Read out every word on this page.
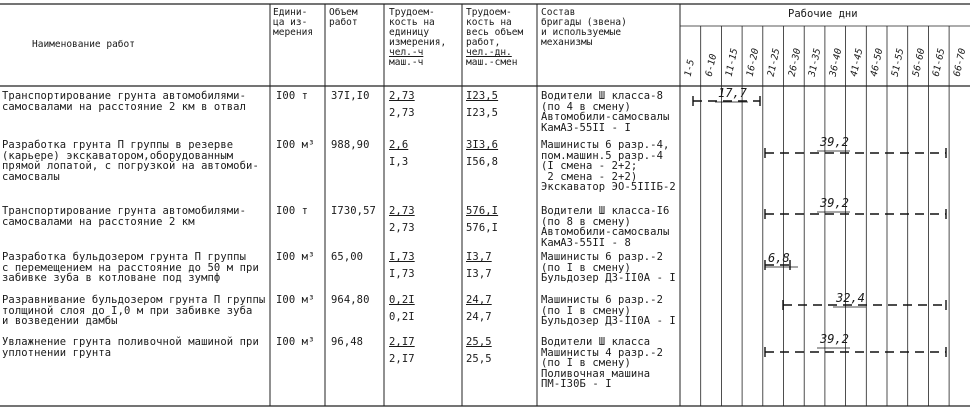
Наименование работ
Едини-
ца из-
мерения
Объем
работ
Трудоем-
кость на
единицу
измерения,
чел.-ч
маш.-ч
Трудоем-
кость на
весь объем
работ,
чел.-дн.
маш.-смен
Состав
бригады (звена)
и используемые
механизмы
Рабочие дни
1-5 6-10 11-15 16-20 21-25 26-30 31-35 36-40 41-45 46-50 51-55 56-60 61-65 66-70
Транспортирование грунта автомобилями-
самосвалами на расстояние 2 км в отвал
I00 т 37I,I0 2,73
2,73
I23,5
I23,5
Водители Ш класса-8
(по 4 в смену)
Автомобили-самосвалы
КамАЗ-55II - I
17,7
Разработка грунта П группы в резерве
(карьере) экскаватором,оборудованным
прямой лопатой, с погрузкой на автомоби-
самосвалы
I00 м³ 988,90 2,6
I,3
3I3,6
I56,8
Машинисты 6 разр.-4,
пом.машин.5 разр.-4
(I смена - 2+2;
2 смена - 2+2)
Экскаватор ЭО-5IIIБ-2
39,2
Транспортирование грунта автомобилями-
самосвалами на расстояние 2 км
I00 т I730,57 2,73
2,73
576,I
576,I
Водители Ш класса-I6
(по 8 в смену)
Автомобили-самосвалы
КамАЗ-55II - 8
39,2
Разработка бульдозером грунта П группы
с перемещением на расстояние до 50 м при
забивке зуба в котловане под зумпф
I00 м³ 65,00 I,73
I,73
I3,7
I3,7
Машинисты 6 разр.-2
(по I в смену)
Бульдозер ДЗ-II0А - I
6,8
Разравнивание бульдозером грунта П группы
толщиной слоя до I,0 м при забивке зуба
и возведении дамбы
I00 м³ 964,80 0,2I
0,2I
24,7
24,7
Машинисты 6 разр.-2
(по I в смену)
Бульдозер ДЗ-II0А - I
32,4
Увлажнение грунта поливочной машиной при
уплотнении грунта
I00 м³ 96,48 2,I7
2,I7
25,5
25,5
Водители Ш класса
Машинисты 4 разр.-2
(по I в смену)
Поливочная машина
ПМ-I30Б - I
39,2
